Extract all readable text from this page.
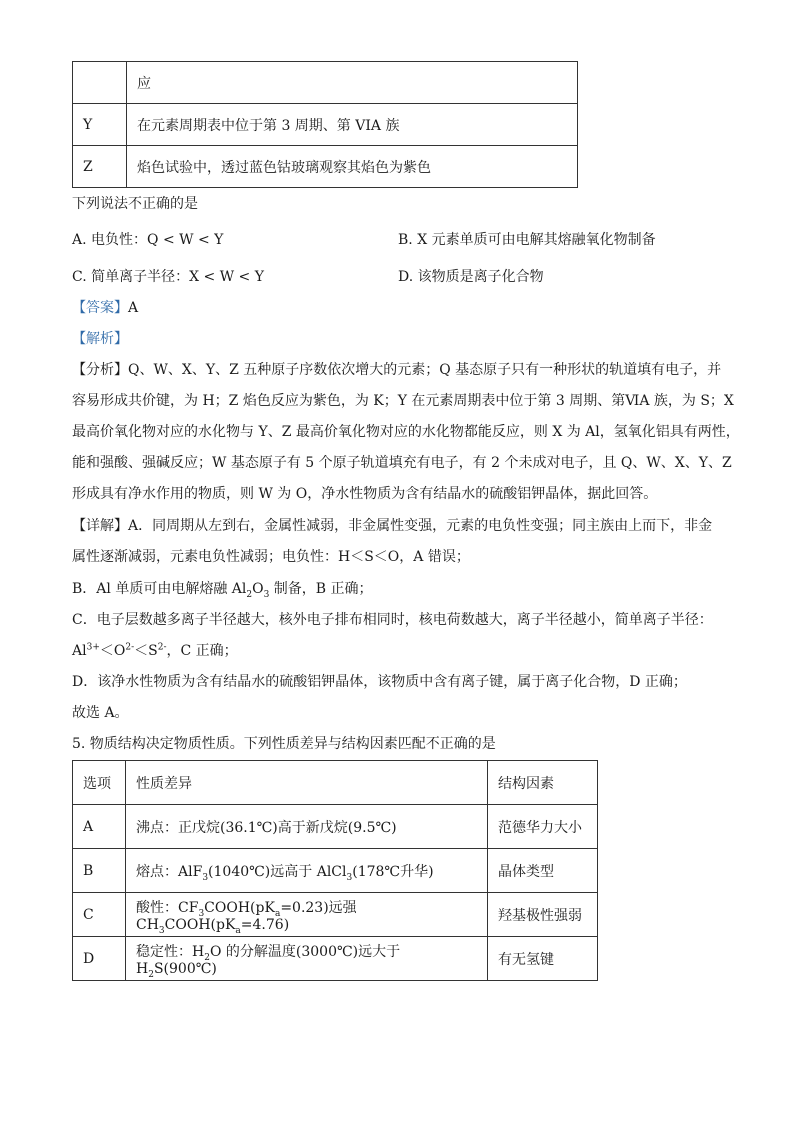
	应
Y	在元素周期表中位于第 3 周期、第 VIA 族
Z	焰色试验中，透过蓝色钴玻璃观察其焰色为紫色
下列说法不正确的是
A. 电负性：Q < W < Y	B. X 元素单质可由电解其熔融氧化物制备
C. 简单离子半径：X < W < Y	D. 该物质是离子化合物
【答案】A
【解析】
【分析】Q、W、X、Y、Z 五种原子序数依次增大的元素；Q 基态原子只有一种形状的轨道填有电子，并
容易形成共价键，为 H；Z 焰色反应为紫色，为 K；Y 在元素周期表中位于第 3 周期、第ⅥA 族，为 S；X
最高价氧化物对应的水化物与 Y、Z 最高价氧化物对应的水化物都能反应，则 X 为 Al，氢氧化铝具有两性，
能和强酸、强碱反应；W 基态原子有 5 个原子轨道填充有电子，有 2 个未成对电子，且 Q、W、X、Y、Z
形成具有净水作用的物质，则 W 为 O，净水性物质为含有结晶水的硫酸铝钾晶体，据此回答。
【详解】A．同周期从左到右，金属性减弱，非金属性变强，元素的电负性变强；同主族由上而下，非金
属性逐渐减弱，元素电负性减弱；电负性：H＜S＜O，A 错误；
B．Al 单质可由电解熔融 $Al_2O_3$ 制备，B 正确；
C．电子层数越多离子半径越大，核外电子排布相同时，核电荷数越大，离子半径越小，简单离子半径：
$Al^{3+}<O^{2-}<S^{2-}$，C 正确；
D．该净水性物质为含有结晶水的硫酸铝钾晶体，该物质中含有离子键，属于离子化合物，D 正确；
故选 A。
5. 物质结构决定物质性质。下列性质差异与结构因素匹配不正确的是
选项	性质差异	结构因素
A	沸点：正戊烷(36.1℃)高于新戊烷(9.5℃)	范德华力大小
B	熔点：AlF$_3$(1040℃)远高于 AlCl$_3$(178℃升华)	晶体类型
C	酸性：$CF_3COOH(pK_a=0.23)$远强 $CH_3COOH(pK_a=4.76)$	羟基极性强弱
D	稳定性：$H_2O$ 的分解温度(3000℃)远大于 $H_2S(900℃)$	有无氢键
